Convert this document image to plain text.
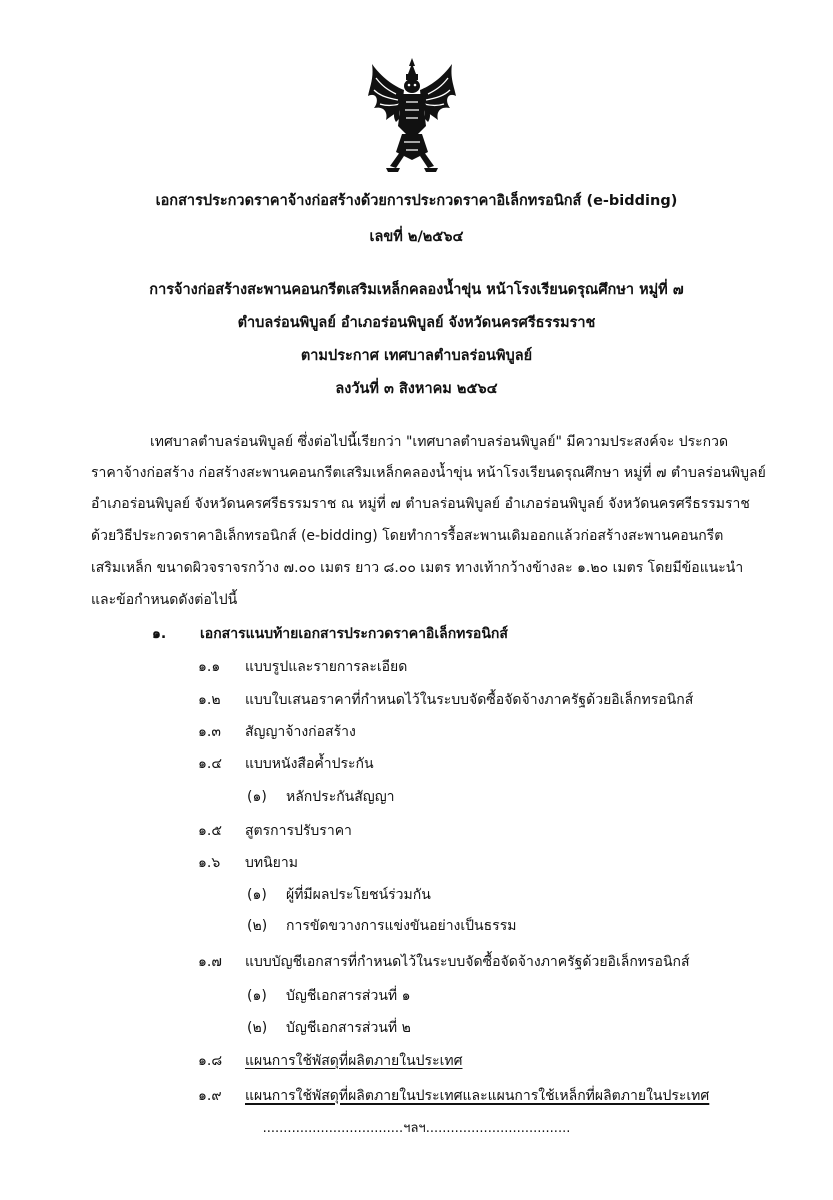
เอกสารประกวดราคาจ้างก่อสร้างด้วยการประกวดราคาอิเล็กทรอนิกส์ (e-bidding)
เลขที่ ๒/๒๕๖๔
การจ้างก่อสร้างสะพานคอนกรีตเสริมเหล็กคลองน้ำขุ่น หน้าโรงเรียนดรุณศึกษา หมู่ที่ ๗
ตำบลร่อนพิบูลย์ อำเภอร่อนพิบูลย์ จังหวัดนครศรีธรรมราช
ตามประกาศ เทศบาลตำบลร่อนพิบูลย์
ลงวันที่ ๓ สิงหาคม ๒๕๖๔
เทศบาลตำบลร่อนพิบูลย์ ซึ่งต่อไปนี้เรียกว่า "เทศบาลตำบลร่อนพิบูลย์" มีความประสงค์จะ ประกวด
ราคาจ้างก่อสร้าง ก่อสร้างสะพานคอนกรีตเสริมเหล็กคลองน้ำขุ่น หน้าโรงเรียนดรุณศึกษา หมู่ที่ ๗ ตำบลร่อนพิบูลย์
อำเภอร่อนพิบูลย์ จังหวัดนครศรีธรรมราช ณ หมู่ที่ ๗ ตำบลร่อนพิบูลย์ อำเภอร่อนพิบูลย์ จังหวัดนครศรีธรรมราช
ด้วยวิธีประกวดราคาอิเล็กทรอนิกส์ (e-bidding) โดยทำการรื้อสะพานเดิมออกแล้วก่อสร้างสะพานคอนกรีต
เสริมเหล็ก ขนาดผิวจราจรกว้าง ๗.๐๐ เมตร ยาว ๘.๐๐ เมตร ทางเท้ากว้างข้างละ ๑.๒๐ เมตร โดยมีข้อแนะนำ
และข้อกำหนดดังต่อไปนี้
๑. เอกสารแนบท้ายเอกสารประกวดราคาอิเล็กทรอนิกส์
๑.๑ แบบรูปและรายการละเอียด
๑.๒ แบบใบเสนอราคาที่กำหนดไว้ในระบบจัดซื้อจัดจ้างภาครัฐด้วยอิเล็กทรอนิกส์
๑.๓ สัญญาจ้างก่อสร้าง
๑.๔ แบบหนังสือค้ำประกัน
(๑) หลักประกันสัญญา
๑.๕ สูตรการปรับราคา
๑.๖ บทนิยาม
(๑) ผู้ที่มีผลประโยชน์ร่วมกัน
(๒) การขัดขวางการแข่งขันอย่างเป็นธรรม
๑.๗ แบบบัญชีเอกสารที่กำหนดไว้ในระบบจัดซื้อจัดจ้างภาครัฐด้วยอิเล็กทรอนิกส์
(๑) บัญชีเอกสารส่วนที่ ๑
(๒) บัญชีเอกสารส่วนที่ ๒
๑.๘ แผนการใช้พัสดุที่ผลิตภายในประเทศ
๑.๙ แผนการใช้พัสดุที่ผลิตภายในประเทศและแผนการใช้เหล็กที่ผลิตภายในประเทศ
..................................ฯลฯ...................................
